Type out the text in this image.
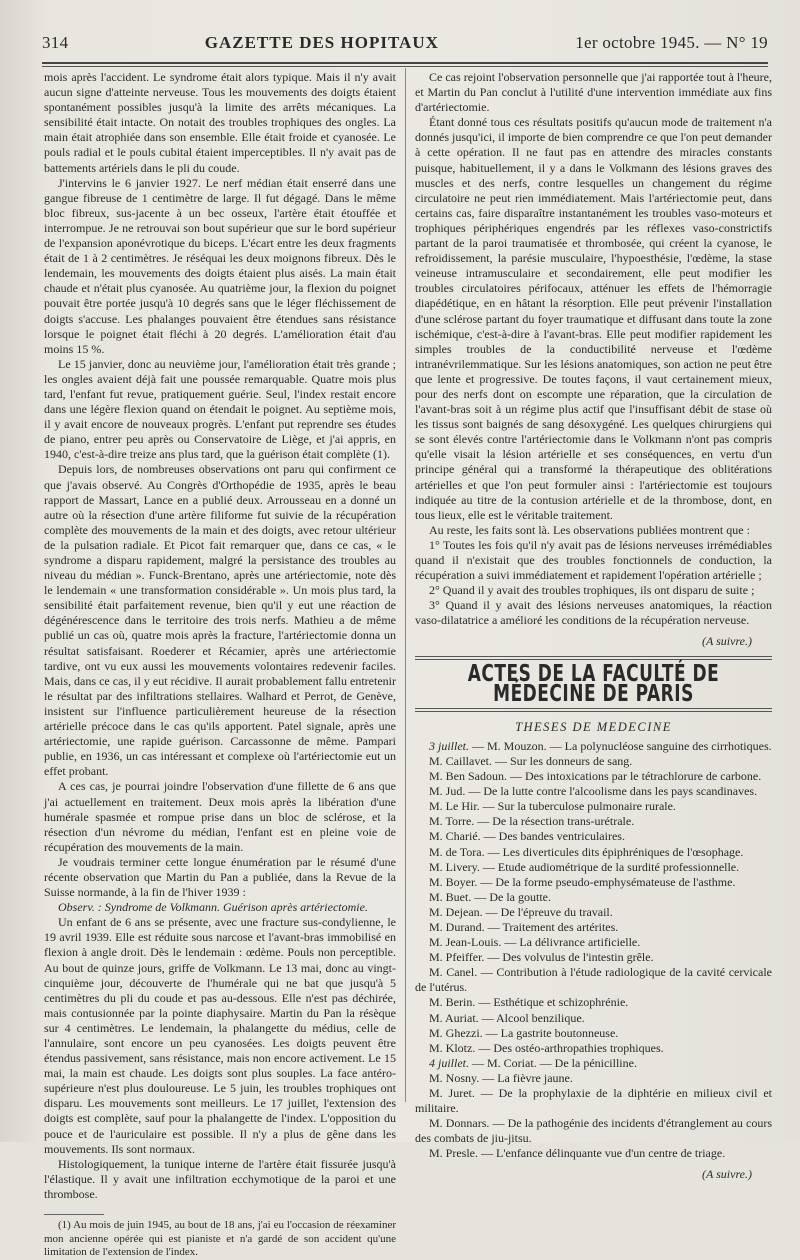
314	GAZETTE DES HOPITAUX	1er octobre 1945. — N° 19

mois après l'accident. Le syndrome était alors typique. Mais il n'y avait aucun signe d'atteinte nerveuse. Tous les mouvements des doigts étaient spontanément possibles jusqu'à la limite des arrêts mécaniques. La sensibilité était intacte. On notait des troubles trophiques des ongles. La main était atrophiée dans son ensemble. Elle était froide et cyanosée. Le pouls radial et le pouls cubital étaient imperceptibles. Il n'y avait pas de battements artériels dans le pli du coude.

J'intervins le 6 janvier 1927. Le nerf médian était enserré dans une gangue fibreuse de 1 centimètre de large. Il fut dégagé. Dans le même bloc fibreux, sus-jacente à un bec osseux, l'artère était étouffée et interrompue. Je ne retrouvai son bout supérieur que sur le bord supérieur de l'expansion aponévrotique du biceps. L'écart entre les deux fragments était de 1 à 2 centimètres. Je réséquai les deux moignons fibreux. Dès le lendemain, les mouvements des doigts étaient plus aisés. La main était chaude et n'était plus cyanosée. Au quatrième jour, la flexion du poignet pouvait être portée jusqu'à 10 degrés sans que le léger fléchissement de doigts s'accuse. Les phalanges pouvaient être étendues sans résistance lorsque le poignet était fléchi à 20 degrés. L'amélioration était d'au moins 15 %.

Le 15 janvier, donc au neuvième jour, l'amélioration était très grande ; les ongles avaient déjà fait une poussée remarquable. Quatre mois plus tard, l'enfant fut revue, pratiquement guérie. Seul, l'index restait encore dans une légère flexion quand on étendait le poignet. Au septième mois, il y avait encore de nouveaux progrès. L'enfant put reprendre ses études de piano, entrer peu après ou Conservatoire de Liège, et j'ai appris, en 1940, c'est-à-dire treize ans plus tard, que la guérison était complète (1).

Depuis lors, de nombreuses observations ont paru qui confirment ce que j'avais observé. Au Congrès d'Orthopédie de 1935, après le beau rapport de Massart, Lance en a publié deux. Arrousseau en a donné un autre où la résection d'une artère filiforme fut suivie de la récupération complète des mouvements de la main et des doigts, avec retour ultérieur de la pulsation radiale. Et Picot fait remarquer que, dans ce cas, « le syndrome a disparu rapidement, malgré la persistance des troubles au niveau du médian ». Funck-Brentano, après une artériectomie, note dès le lendemain « une transformation considérable ». Un mois plus tard, la sensibilité était parfaitement revenue, bien qu'il y eut une réaction de dégénérescence dans le territoire des trois nerfs. Mathieu a de même publié un cas où, quatre mois après la fracture, l'artériectomie donna un résultat satisfaisant. Roederer et Récamier, après une artériectomie tardive, ont vu eux aussi les mouvements volontaires redevenir faciles. Mais, dans ce cas, il y eut récidive. Il aurait probablement fallu entretenir le résultat par des infiltrations stellaires. Walhard et Perrot, de Genève, insistent sur l'influence particulièrement heureuse de la résection artérielle précoce dans le cas qu'ils apportent. Patel signale, après une artériectomie, une rapide guérison. Carcassonne de même. Pampari publie, en 1936, un cas intéressant et complexe où l'artériectomie eut un effet probant.

A ces cas, je pourrai joindre l'observation d'une fillette de 6 ans que j'ai actuellement en traitement. Deux mois après la libération d'une humérale spasmée et rompue prise dans un bloc de sclérose, et la résection d'un névrome du médian, l'enfant est en pleine voie de récupération des mouvements de la main.

Je voudrais terminer cette longue énumération par le résumé d'une récente observation que Martin du Pan a publiée, dans la Revue de la Suisse normande, à la fin de l'hiver 1939 :

Observ. : Syndrome de Volkmann. Guérison après artériectomie.

Un enfant de 6 ans se présente, avec une fracture sus-condylienne, le 19 avril 1939. Elle est réduite sous narcose et l'avant-bras immobilisé en flexion à angle droit. Dès le lendemain : œdème. Pouls non perceptible. Au bout de quinze jours, griffe de Volkmann. Le 13 mai, donc au vingt-cinquième jour, découverte de l'humérale qui ne bat que jusqu'à 5 centimètres du pli du coude et pas au-dessous. Elle n'est pas déchirée, mais contusionnée par la pointe diaphysaire. Martin du Pan la résèque sur 4 centimètres. Le lendemain, la phalangette du médius, celle de l'annulaire, sont encore un peu cyanosées. Les doigts peuvent être étendus passivement, sans résistance, mais non encore activement. Le 15 mai, la main est chaude. Les doigts sont plus souples. La face antéro-supérieure n'est plus douloureuse. Le 5 juin, les troubles trophiques ont disparu. Les mouvements sont meilleurs. Le 17 juillet, l'extension des doigts est complète, sauf pour la phalangette de l'index. L'opposition du pouce et de l'auriculaire est possible. Il n'y a plus de gêne dans les mouvements. Ils sont normaux.

Histologiquement, la tunique interne de l'artère était fissurée jusqu'à l'élastique. Il y avait une infiltration ecchymotique de la paroi et une thrombose.

(1) Au mois de juin 1945, au bout de 18 ans, j'ai eu l'occasion de réexaminer mon ancienne opérée qui est pianiste et n'a gardé de son accident qu'une limitation de l'extension de l'index.

Ce cas rejoint l'observation personnelle que j'ai rapportée tout à l'heure, et Martin du Pan conclut à l'utilité d'une intervention immédiate aux fins d'artériectomie.

Étant donné tous ces résultats positifs qu'aucun mode de traitement n'a donnés jusqu'ici, il importe de bien comprendre ce que l'on peut demander à cette opération. Il ne faut pas en attendre des miracles constants puisque, habituellement, il y a dans le Volkmann des lésions graves des muscles et des nerfs, contre lesquelles un changement du régime circulatoire ne peut rien immédiatement. Mais l'artériectomie peut, dans certains cas, faire disparaître instantanément les troubles vaso-moteurs et trophiques périphériques engendrés par les réflexes vaso-constrictifs partant de la paroi traumatisée et thrombosée, qui créent la cyanose, le refroidissement, la parésie musculaire, l'hypoesthésie, l'œdème, la stase veineuse intramusculaire et secondairement, elle peut modifier les troubles circulatoires périfocaux, atténuer les effets de l'hémorragie diapédétique, en en hâtant la résorption. Elle peut prévenir l'installation d'une sclérose partant du foyer traumatique et diffusant dans toute la zone ischémique, c'est-à-dire à l'avant-bras. Elle peut modifier rapidement les simples troubles de la conductibilité nerveuse et l'œdème intranévrilemmatique. Sur les lésions anatomiques, son action ne peut être que lente et progressive. De toutes façons, il vaut certainement mieux, pour des nerfs dont on escompte une réparation, que la circulation de l'avant-bras soit à un régime plus actif que l'insuffisant débit de stase où les tissus sont baignés de sang désoxygéné. Les quelques chirurgiens qui se sont élevés contre l'artériectomie dans le Volkmann n'ont pas compris qu'elle visait la lésion artérielle et ses conséquences, en vertu d'un principe général qui a transformé la thérapeutique des oblitérations artérielles et que l'on peut formuler ainsi : l'artériectomie est toujours indiquée au titre de la contusion artérielle et de la thrombose, dont, en tous lieux, elle est le véritable traitement.

Au reste, les faits sont là. Les observations publiées montrent que :

1° Toutes les fois qu'il n'y avait pas de lésions nerveuses irrémédiables quand il n'existait que des troubles fonctionnels de conduction, la récupération a suivi immédiatement et rapidement l'opération artérielle ;

2° Quand il y avait des troubles trophiques, ils ont disparu de suite ;

3° Quand il y avait des lésions nerveuses anatomiques, la réaction vaso-dilatatrice a amélioré les conditions de la récupération nerveuse.

(A suivre.)
ACTES DE LA FACULTÉ DE MÉDECINE DE PARIS
THESES DE MEDECINE

3 juillet. — M. Mouzon. — La polynucléose sanguine des cirrhotiques.

M. Caillavet. — Sur les donneurs de sang.

M. Ben Sadoun. — Des intoxications par le tétrachlorure de carbone.

M. Jud. — De la lutte contre l'alcoolisme dans les pays scandinaves.

M. Le Hir. — Sur la tuberculose pulmonaire rurale.

M. Torre. — De la résection trans-urétrale.

M. Charié. — Des bandes ventriculaires.

M. de Tora. — Les diverticules dits épiphréniques de l'œsophage.

M. Livery. — Etude audiométrique de la surdité professionnelle.

M. Boyer. — De la forme pseudo-emphysémateuse de l'asthme.

M. Buet. — De la goutte.

M. Dejean. — De l'épreuve du travail.

M. Durand. — Traitement des artérites.

M. Jean-Louis. — La délivrance artificielle.

M. Pfeiffer. — Des volvulus de l'intestin grêle.

M. Canel. — Contribution à l'étude radiologique de la cavité cervicale de l'utérus.

M. Berin. — Esthétique et schizophrénie.

M. Auriat. — Alcool benzilique.

M. Ghezzi. — La gastrite boutonneuse.

M. Klotz. — Des ostéo-arthropathies trophiques.

4 juillet. — M. Coriat. — De la pénicilline.

M. Nosny. — La fièvre jaune.

M. Juret. — De la prophylaxie de la diphtérie en milieux civil et militaire.

M. Donnars. — De la pathogénie des incidents d'étranglement au cours des combats de jiu-jitsu.

M. Presle. — L'enfance délinquante vue d'un centre de triage.

(A suivre.)
